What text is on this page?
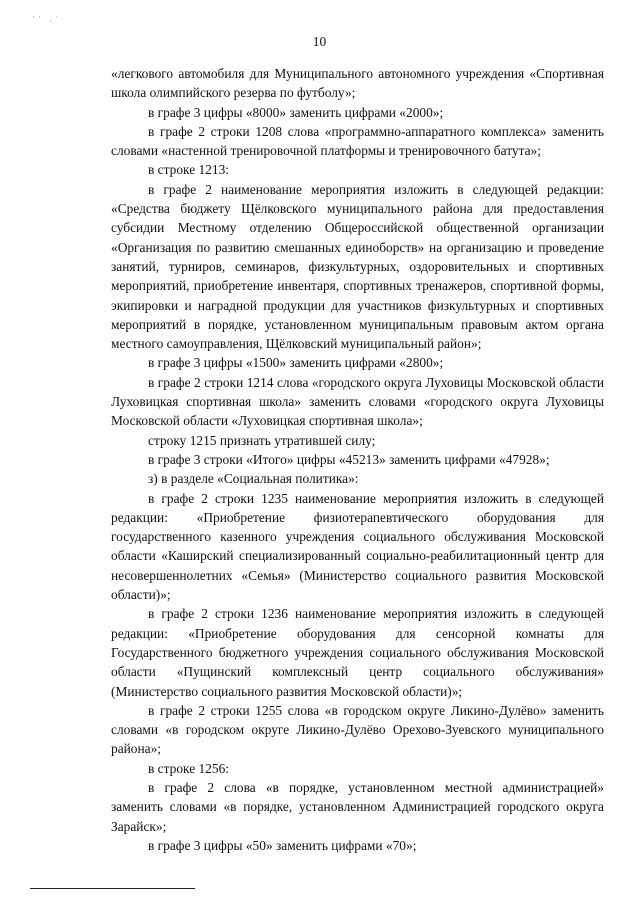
·· ˏ·
10

«легкового автомобиля для Муниципального автономного учреждения «Спортивная школа олимпийского резерва по футболу»;

в графе 3 цифры «8000» заменить цифрами «2000»;

в графе 2 строки 1208 слова «программно-аппаратного комплекса» заменить словами «настенной тренировочной платформы и тренировочного батута»;

в строке 1213:

в графе 2 наименование мероприятия изложить в следующей редакции: «Средства бюджету Щёлковского муниципального района для предоставления субсидии Местному отделению Общероссийской общественной организации «Организация по развитию смешанных единоборств» на организацию и проведение занятий, турниров, семинаров, физкультурных, оздоровительных и спортивных мероприятий, приобретение инвентаря, спортивных тренажеров, спортивной формы, экипировки и наградной продукции для участников физкультурных и спортивных мероприятий в порядке, установленном муниципальным правовым актом органа местного самоуправления, Щёлковский муниципальный район»;

в графе 3 цифры «1500» заменить цифрами «2800»;

в графе 2 строки 1214 слова «городского округа Луховицы Московской области Луховицкая спортивная школа» заменить словами «городского округа Луховицы Московской области «Луховицкая спортивная школа»;

строку 1215 признать утратившей силу;

в графе 3 строки «Итого» цифры «45213» заменить цифрами «47928»;

з) в разделе «Социальная политика»:

в графе 2 строки 1235 наименование мероприятия изложить в следующей редакции: «Приобретение физиотерапевтического оборудования для государственного казенного учреждения социального обслуживания Московской области «Каширский специализированный социально-реабилитационный центр для несовершеннолетних «Семья» (Министерство социального развития Московской области)»;

в графе 2 строки 1236 наименование мероприятия изложить в следующей редакции: «Приобретение оборудования для сенсорной комнаты для Государственного бюджетного учреждения социального обслуживания Московской области «Пущинский комплексный центр социального обслуживания» (Министерство социального развития Московской области)»;

в графе 2 строки 1255 слова «в городском округе Ликино-Дулёво» заменить словами «в городском округе Ликино-Дулёво Орехово-Зуевского муниципального района»;

в строке 1256:

в графе 2 слова «в порядке, установленном местной администрацией» заменить словами «в порядке, установленном Администрацией городского округа Зарайск»;

в графе 3 цифры «50» заменить цифрами «70»;
